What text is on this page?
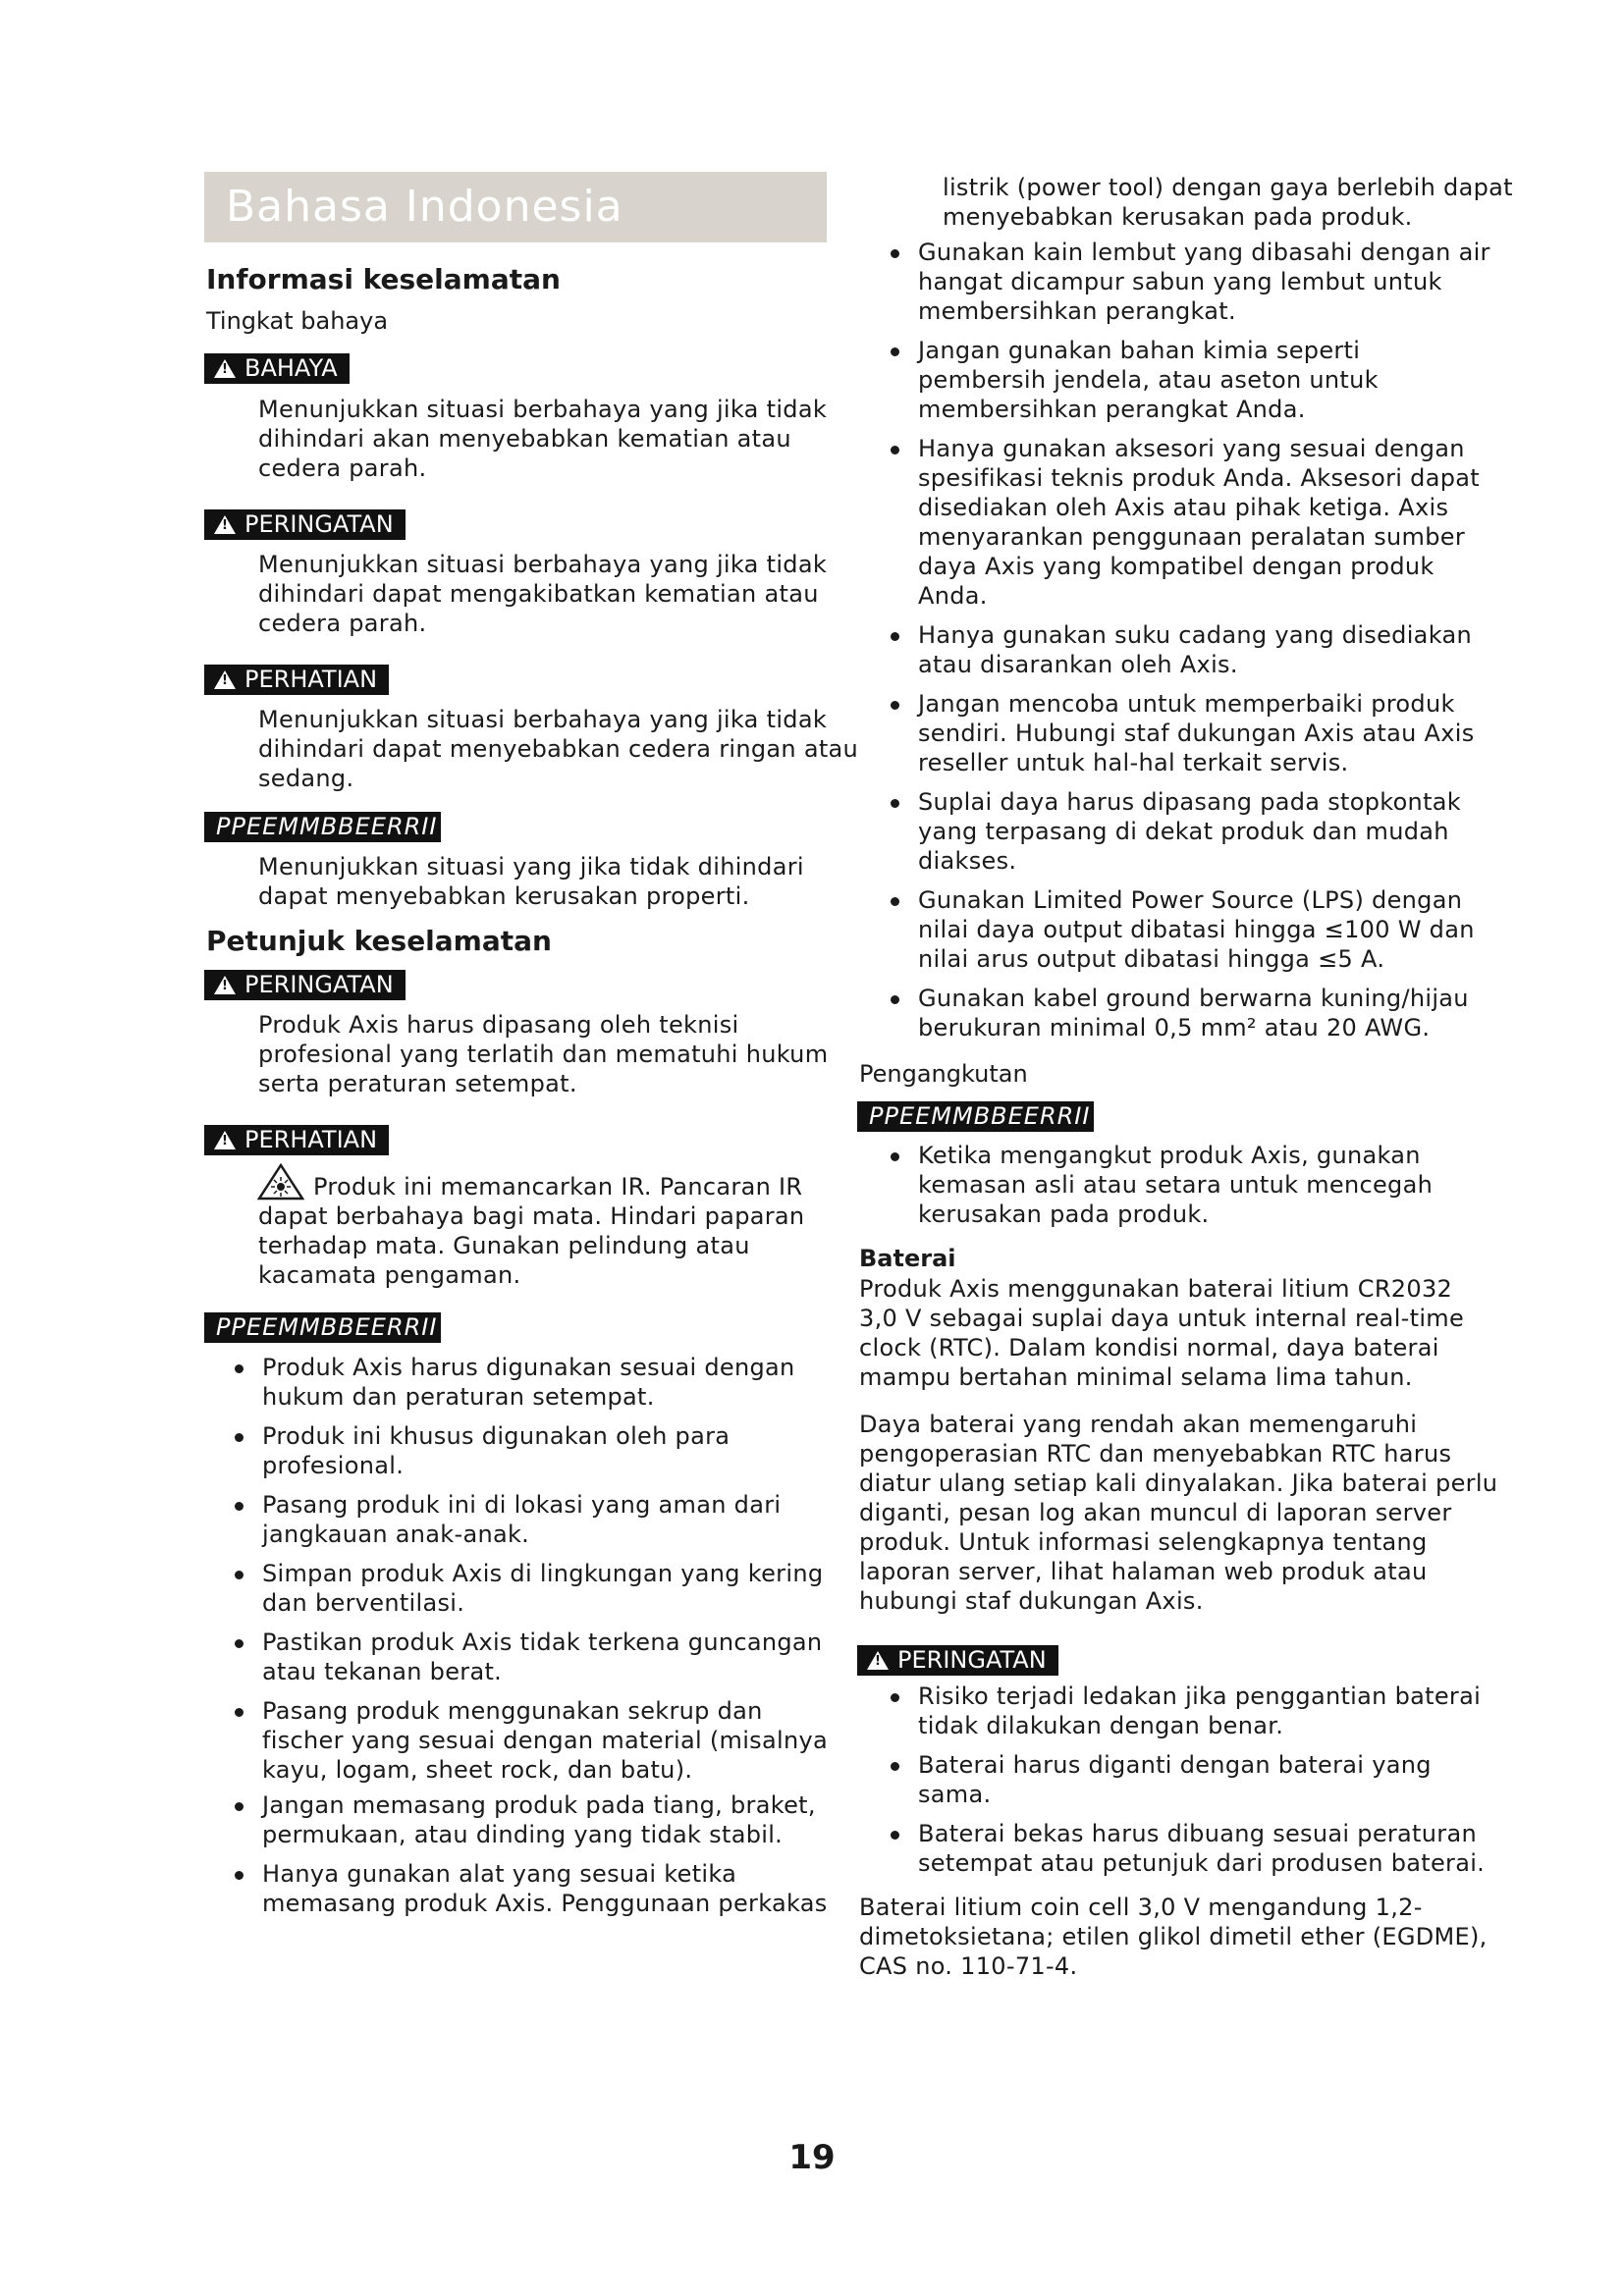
Bahasa Indonesia
Informasi keselamatan
Tingkat bahaya
!BAHAYA
Menunjukkan situasi berbahaya yang jika tidak
dihindari akan menyebabkan kematian atau
cedera parah.
!PERINGATAN
Menunjukkan situasi berbahaya yang jika tidak
dihindari dapat mengakibatkan kematian atau
cedera parah.
!PERHATIAN
Menunjukkan situasi berbahaya yang jika tidak
dihindari dapat menyebabkan cedera ringan atau
sedang.
PPEEMMBBEERRII
Menunjukkan situasi yang jika tidak dihindari
dapat menyebabkan kerusakan properti.
Petunjuk keselamatan
!PERINGATAN
Produk Axis harus dipasang oleh teknisi
profesional yang terlatih dan mematuhi hukum
serta peraturan setempat.
!PERHATIAN
Produk ini memancarkan IR. Pancaran IR
dapat berbahaya bagi mata. Hindari paparan
terhadap mata. Gunakan pelindung atau
kacamata pengaman.
PPEEMMBBEERRII
Produk Axis harus digunakan sesuai dengan
hukum dan peraturan setempat.
Produk ini khusus digunakan oleh para
profesional.
Pasang produk ini di lokasi yang aman dari
jangkauan anak-anak.
Simpan produk Axis di lingkungan yang kering
dan berventilasi.
Pastikan produk Axis tidak terkena guncangan
atau tekanan berat.
Pasang produk menggunakan sekrup dan
fischer yang sesuai dengan material (misalnya
kayu, logam, sheet rock, dan batu).
Jangan memasang produk pada tiang, braket,
permukaan, atau dinding yang tidak stabil.
Hanya gunakan alat yang sesuai ketika
memasang produk Axis. Penggunaan perkakas
listrik (power tool) dengan gaya berlebih dapat
menyebabkan kerusakan pada produk.
Gunakan kain lembut yang dibasahi dengan air
hangat dicampur sabun yang lembut untuk
membersihkan perangkat.
Jangan gunakan bahan kimia seperti
pembersih jendela, atau aseton untuk
membersihkan perangkat Anda.
Hanya gunakan aksesori yang sesuai dengan
spesifikasi teknis produk Anda. Aksesori dapat
disediakan oleh Axis atau pihak ketiga. Axis
menyarankan penggunaan peralatan sumber
daya Axis yang kompatibel dengan produk
Anda.
Hanya gunakan suku cadang yang disediakan
atau disarankan oleh Axis.
Jangan mencoba untuk memperbaiki produk
sendiri. Hubungi staf dukungan Axis atau Axis
reseller untuk hal-hal terkait servis.
Suplai daya harus dipasang pada stopkontak
yang terpasang di dekat produk dan mudah
diakses.
Gunakan Limited Power Source (LPS) dengan
nilai daya output dibatasi hingga ≤100 W dan
nilai arus output dibatasi hingga ≤5 A.
Gunakan kabel ground berwarna kuning/hijau
berukuran minimal 0,5 mm² atau 20 AWG.
Pengangkutan
PPEEMMBBEERRII
Ketika mengangkut produk Axis, gunakan
kemasan asli atau setara untuk mencegah
kerusakan pada produk.
Baterai
Produk Axis menggunakan baterai litium CR2032
3,0 V sebagai suplai daya untuk internal real-time
clock (RTC). Dalam kondisi normal, daya baterai
mampu bertahan minimal selama lima tahun.
Daya baterai yang rendah akan memengaruhi
pengoperasian RTC dan menyebabkan RTC harus
diatur ulang setiap kali dinyalakan. Jika baterai perlu
diganti, pesan log akan muncul di laporan server
produk. Untuk informasi selengkapnya tentang
laporan server, lihat halaman web produk atau
hubungi staf dukungan Axis.
!PERINGATAN
Risiko terjadi ledakan jika penggantian baterai
tidak dilakukan dengan benar.
Baterai harus diganti dengan baterai yang
sama.
Baterai bekas harus dibuang sesuai peraturan
setempat atau petunjuk dari produsen baterai.
Baterai litium coin cell 3,0 V mengandung 1,2-
dimetoksietana; etilen glikol dimetil ether (EGDME),
CAS no. 110-71-4.
19
